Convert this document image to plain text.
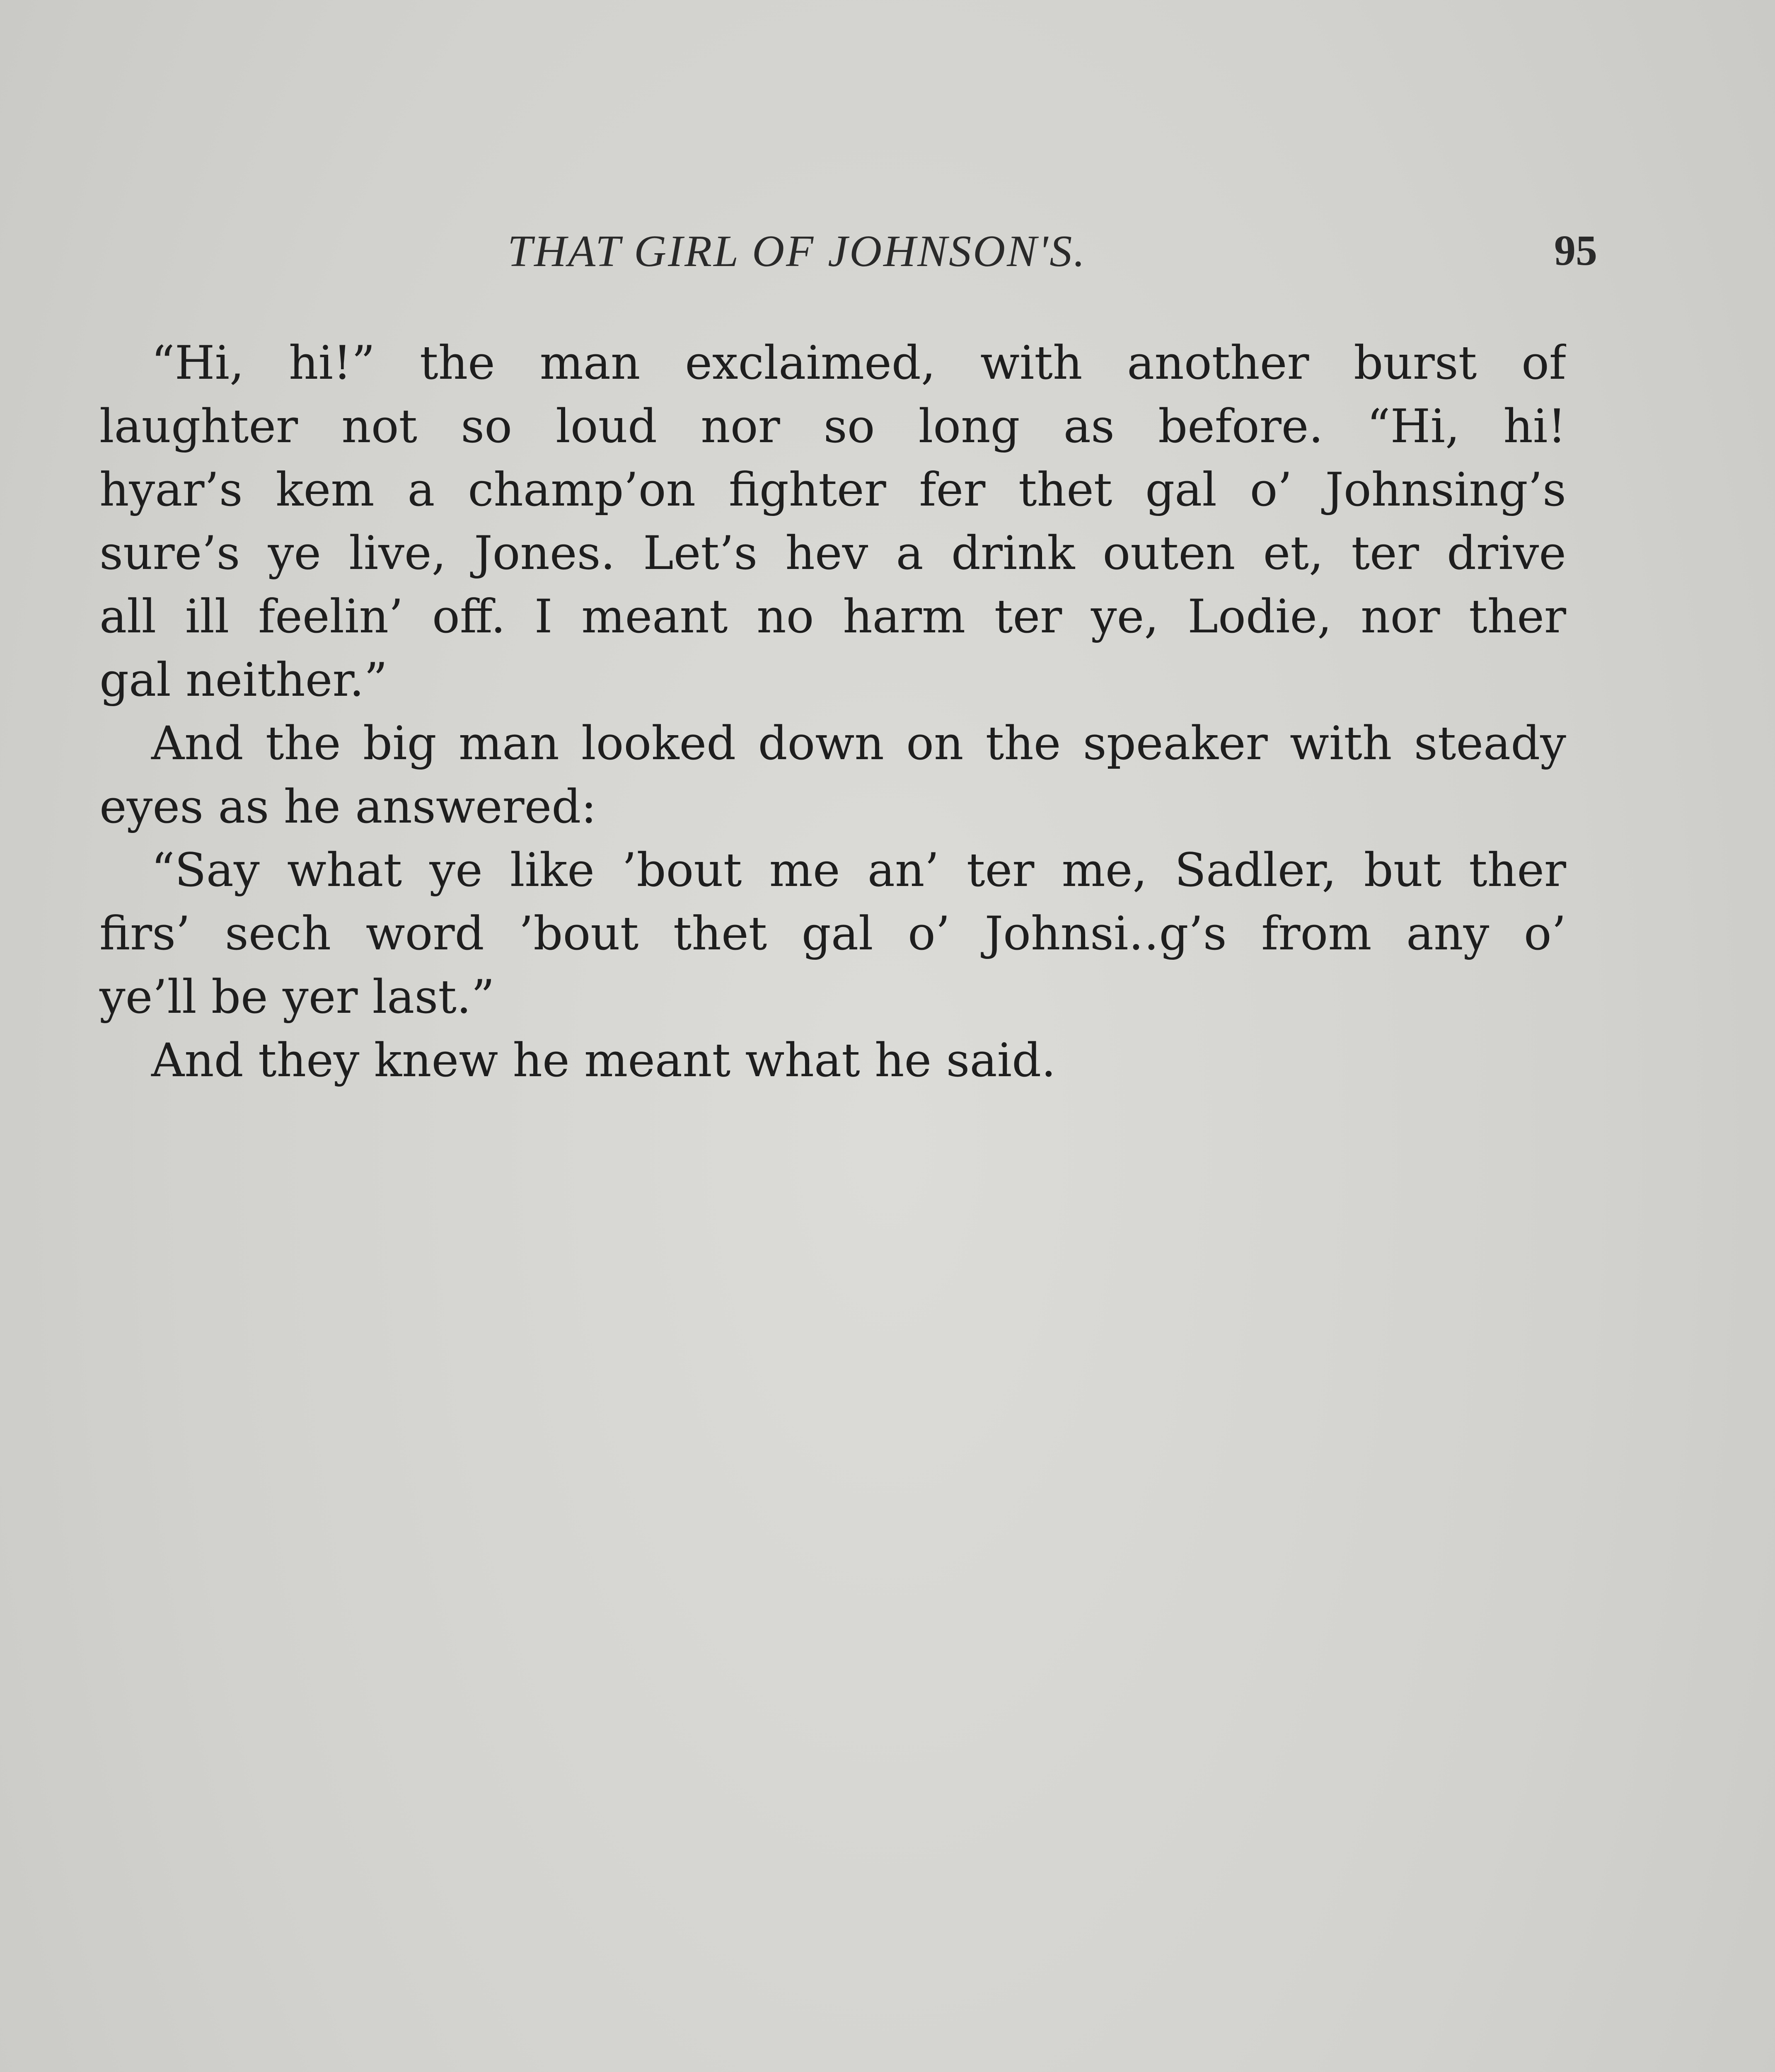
THAT GIRL OF JOHNSON'S.	95
“Hi, hi!” the man exclaimed, with another burst of
laughter not so loud nor so long as before. “Hi, hi!
hyar’s kem a champ’on fighter fer thet gal o’ Johnsing’s
sure’s ye live, Jones. Let’s hev a drink outen et, ter drive
all ill feelin’ off. I meant no harm ter ye, Lodie, nor ther
gal neither.”
And the big man looked down on the speaker with steady
eyes as he answered:
“Say what ye like ’bout me an’ ter me, Sadler, but ther
firs’ sech word ’bout thet gal o’ Johnsi‥g’s from any o’
ye’ll be yer last.”
And they knew he meant what he said.
